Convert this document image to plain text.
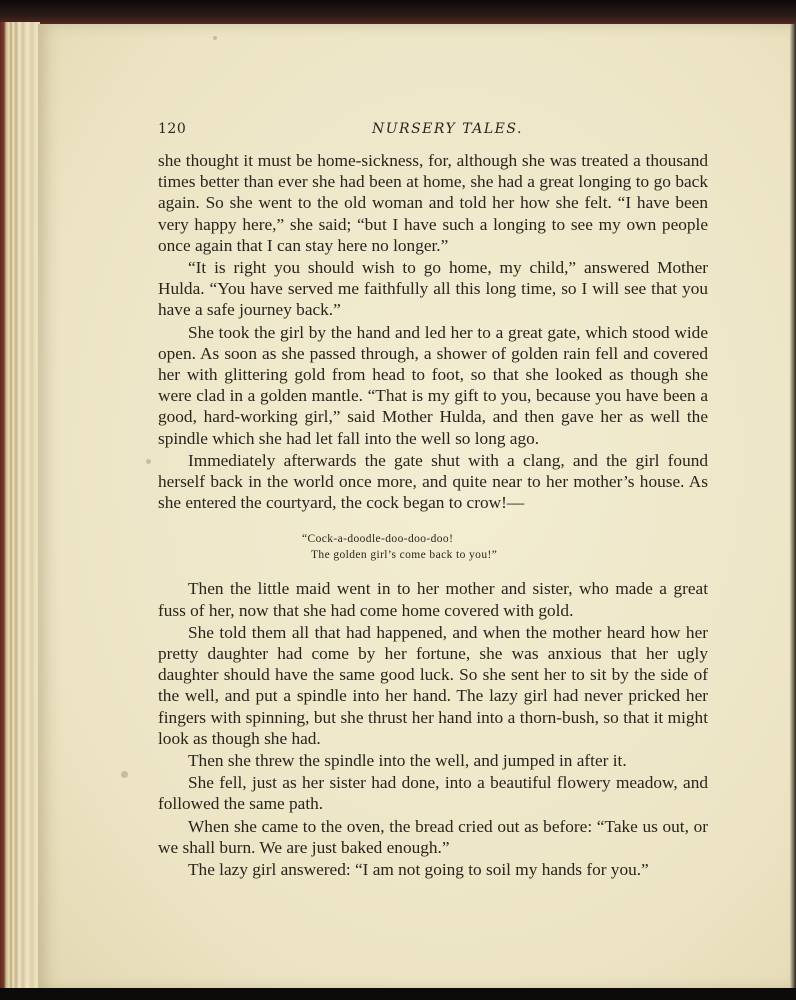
120	NURSERY TALES.

she thought it must be home-sickness, for, although she was treated a thousand times better than ever she had been at home, she had a great longing to go back again. So she went to the old woman and told her how she felt. “I have been very happy here,” she said; “but I have such a longing to see my own people once again that I can stay here no longer.”

“It is right you should wish to go home, my child,” answered Mother Hulda. “You have served me faithfully all this long time, so I will see that you have a safe journey back.”

She took the girl by the hand and led her to a great gate, which stood wide open. As soon as she passed through, a shower of golden rain fell and covered her with glittering gold from head to foot, so that she looked as though she were clad in a golden mantle. “That is my gift to you, because you have been a good, hard-working girl,” said Mother Hulda, and then gave her as well the spindle which she had let fall into the well so long ago.

Immediately afterwards the gate shut with a clang, and the girl found herself back in the world once more, and quite near to her mother’s house. As she entered the courtyard, the cock began to crow!—

“Cock-a-doodle-doo-doo-doo!
The golden girl’s come back to you!”

Then the little maid went in to her mother and sister, who made a great fuss of her, now that she had come home covered with gold.

She told them all that had happened, and when the mother heard how her pretty daughter had come by her fortune, she was anxious that her ugly daughter should have the same good luck. So she sent her to sit by the side of the well, and put a spindle into her hand. The lazy girl had never pricked her fingers with spinning, but she thrust her hand into a thorn-bush, so that it might look as though she had.

Then she threw the spindle into the well, and jumped in after it.

She fell, just as her sister had done, into a beautiful flowery meadow, and followed the same path.

When she came to the oven, the bread cried out as before: “Take us out, or we shall burn. We are just baked enough.”

The lazy girl answered: “I am not going to soil my hands for you.”
